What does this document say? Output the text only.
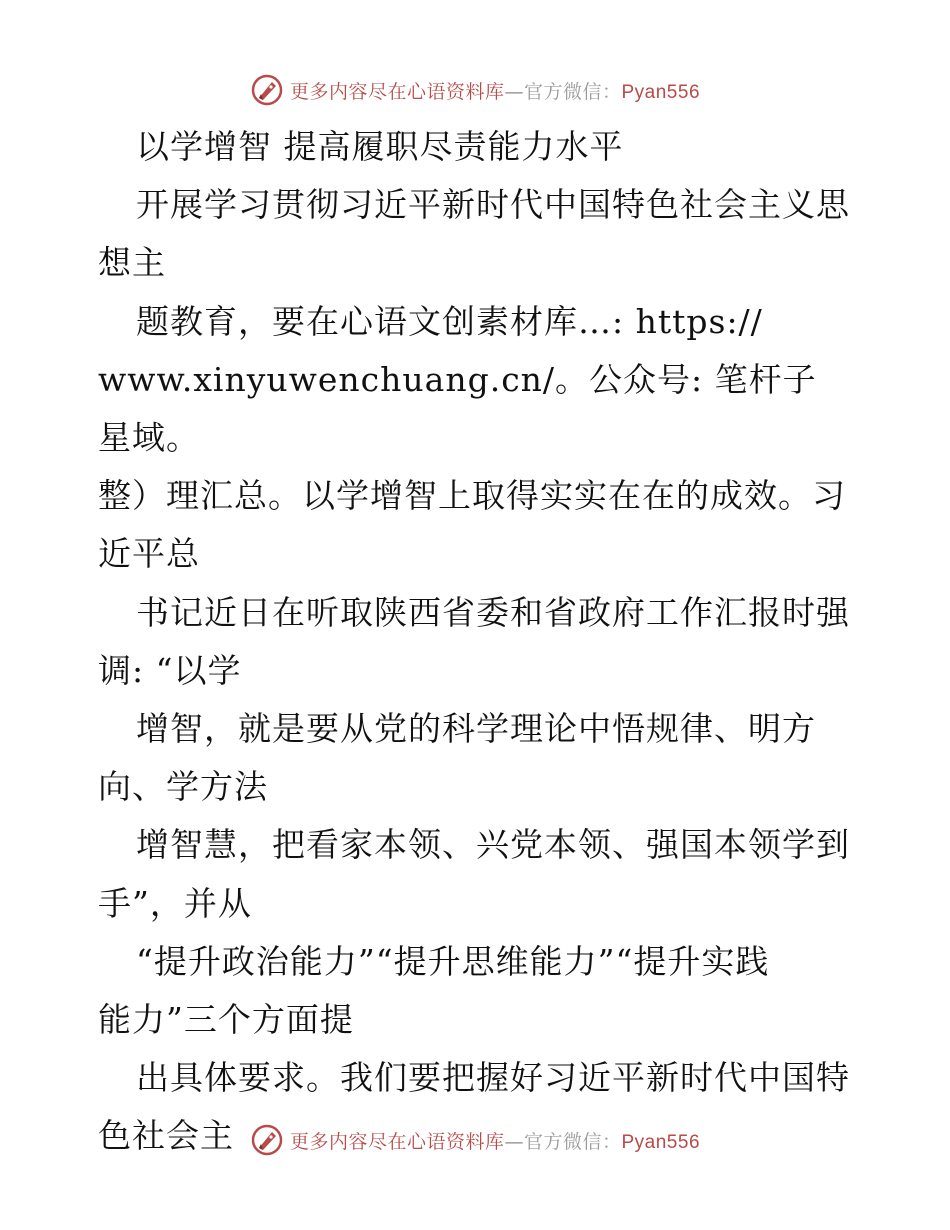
更多内容尽在心语资料库—官方微信：Pyan556
以学增智 提高履职尽责能力水平
开展学习贯彻习近平新时代中国特色社会主义思
想主
题教育，要在心语文创素材库…: https://
www.xinyuwenchuang.cn/。公众号: 笔杆子星域。
整）理汇总。以学增智上取得实实在在的成效。习
近平总
书记近日在听取陕西省委和省政府工作汇报时强
调: “以学
增智，就是要从党的科学理论中悟规律、明方
向、学方法
增智慧，把看家本领、兴党本领、强国本领学到
手”，并从
“提升政治能力”“提升思维能力”“提升实践
能力”三个方面提
出具体要求。我们要把握好习近平新时代中国特
色社会主	更多内容尽在心语资料库—官方微信：Pyan556
